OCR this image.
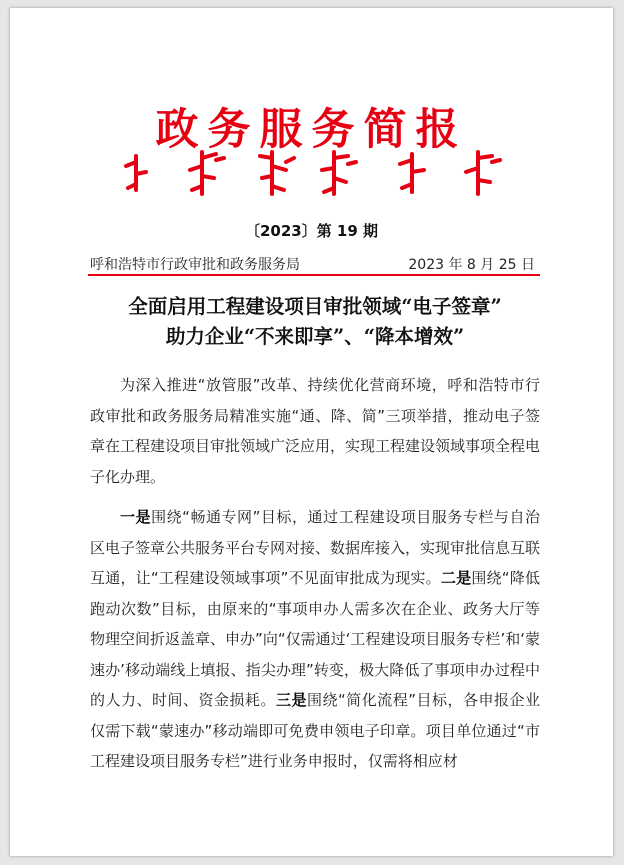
政务服务简报
〔2023〕第 19 期
呼和浩特市行政审批和政务服务局	2023 年 8 月 25 日
全面启用工程建设项目审批领域“电子签章”
助力企业“不来即享”、“降本增效”

为深入推进“放管服”改革、持续优化营商环境，呼和浩特市行政审批和政务服务局精准实施“通、降、简”三项举措，推动电子签章在工程建设项目审批领域广泛应用，实现工程建设领域事项全程电子化办理。

一是围绕“畅通专网”目标，通过工程建设项目服务专栏与自治区电子签章公共服务平台专网对接、数据库接入，实现审批信息互联互通，让“工程建设领域事项”不见面审批成为现实。二是围绕“降低跑动次数”目标，由原来的“事项申办人需多次在企业、政务大厅等物理空间折返盖章、申办”向“仅需通过‘工程建设项目服务专栏’和‘蒙速办’移动端线上填报、指尖办理”转变，极大降低了事项申办过程中的人力、时间、资金损耗。三是围绕“简化流程”目标，各申报企业仅需下载“蒙速办”移动端即可免费申领电子印章。项目单位通过“市工程建设项目服务专栏”进行业务申报时，仅需将相应材
